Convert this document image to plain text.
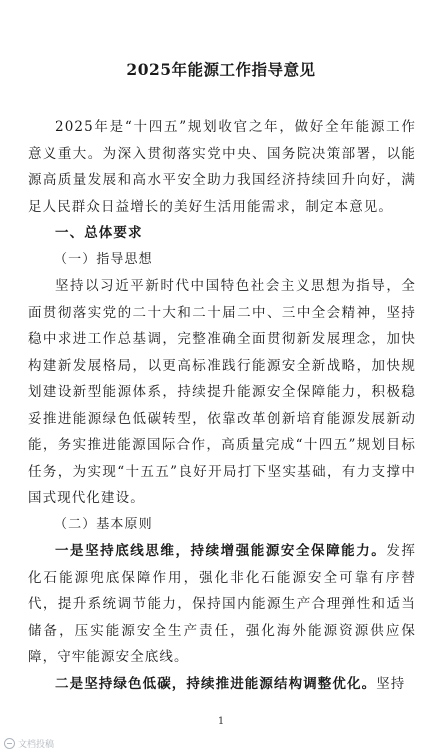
2025年能源工作指导意见

2025年是“十四五”规划收官之年，做好全年能源工作意义重大。为深入贯彻落实党中央、国务院决策部署，以能源高质量发展和高水平安全助力我国经济持续回升向好，满足人民群众日益增长的美好生活用能需求，制定本意见。

一、总体要求

（一）指导思想

坚持以习近平新时代中国特色社会主义思想为指导，全面贯彻落实党的二十大和二十届二中、三中全会精神，坚持稳中求进工作总基调，完整准确全面贯彻新发展理念，加快构建新发展格局，以更高标准践行能源安全新战略，加快规划建设新型能源体系，持续提升能源安全保障能力，积极稳妥推进能源绿色低碳转型，依靠改革创新培育能源发展新动能，务实推进能源国际合作，高质量完成“十四五”规划目标任务，为实现“十五五”良好开局打下坚实基础，有力支撑中国式现代化建设。

（二）基本原则

一是坚持底线思维，持续增强能源安全保障能力。发挥化石能源兜底保障作用，强化非化石能源安全可靠有序替代，提升系统调节能力，保持国内能源生产合理弹性和适当储备，压实能源安全生产责任，强化海外能源资源供应保障，守牢能源安全底线。

二是坚持绿色低碳，持续推进能源结构调整优化。坚持

1
文档投稿
